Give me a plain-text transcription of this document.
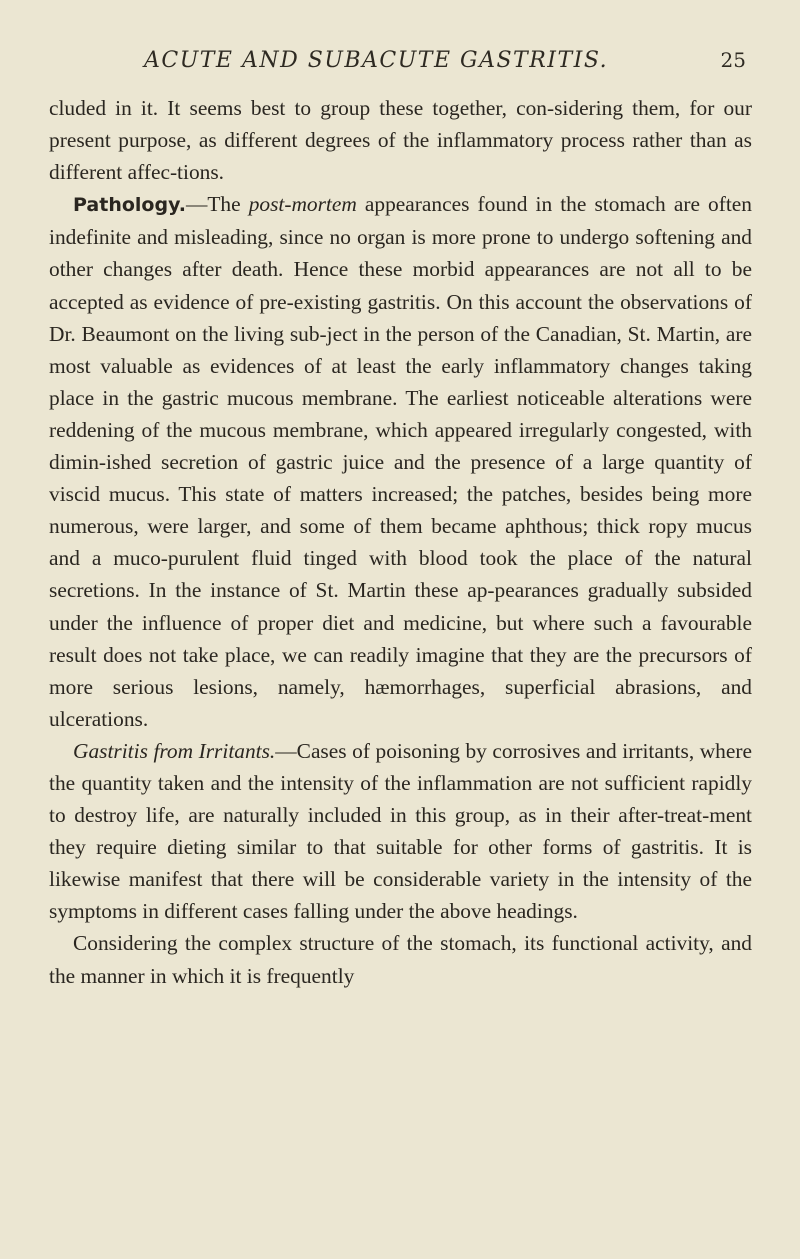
ACUTE AND SUBACUTE GASTRITIS.	25

cluded in it. It seems best to group these together, con-sidering them, for our present purpose, as different degrees of the inflammatory process rather than as different affec-tions.

Pathology.—The post-mortem appearances found in the stomach are often indefinite and misleading, since no organ is more prone to undergo softening and other changes after death. Hence these morbid appearances are not all to be accepted as evidence of pre-existing gastritis. On this account the observations of Dr. Beaumont on the living sub-ject in the person of the Canadian, St. Martin, are most valuable as evidences of at least the early inflammatory changes taking place in the gastric mucous membrane. The earliest noticeable alterations were reddening of the mucous membrane, which appeared irregularly congested, with dimin-ished secretion of gastric juice and the presence of a large quantity of viscid mucus. This state of matters increased; the patches, besides being more numerous, were larger, and some of them became aphthous; thick ropy mucus and a muco-purulent fluid tinged with blood took the place of the natural secretions. In the instance of St. Martin these ap-pearances gradually subsided under the influence of proper diet and medicine, but where such a favourable result does not take place, we can readily imagine that they are the precursors of more serious lesions, namely, hæmorrhages, superficial abrasions, and ulcerations.

Gastritis from Irritants.—Cases of poisoning by corrosives and irritants, where the quantity taken and the intensity of the inflammation are not sufficient rapidly to destroy life, are naturally included in this group, as in their after-treat-ment they require dieting similar to that suitable for other forms of gastritis. It is likewise manifest that there will be considerable variety in the intensity of the symptoms in different cases falling under the above headings.

Considering the complex structure of the stomach, its functional activity, and the manner in which it is frequently
